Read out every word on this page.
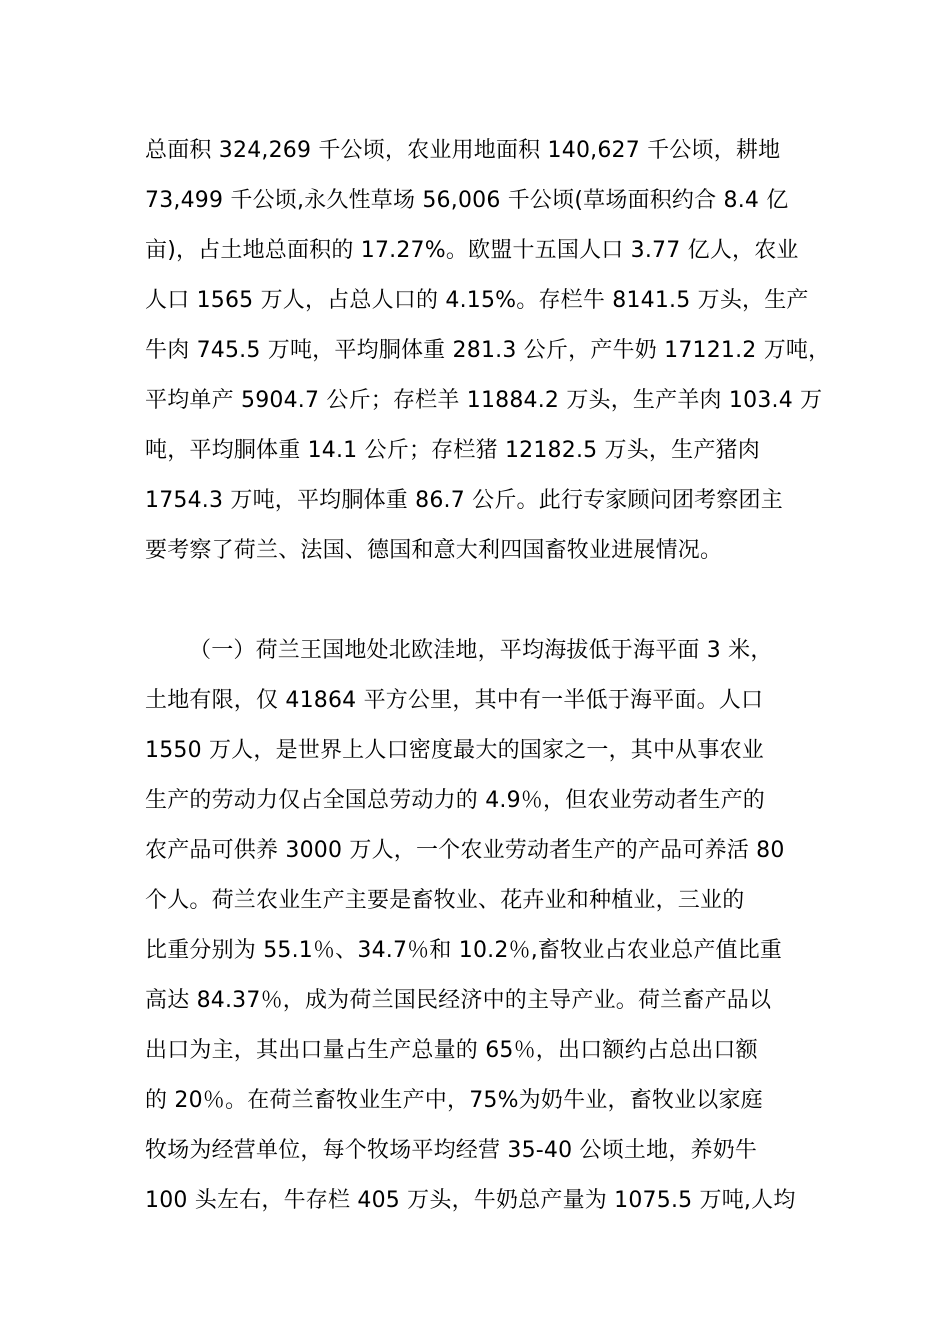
总面积 324,269 千公顷，农业用地面积 140,627 千公顷，耕地
73,499 千公顷,永久性草场 56,006 千公顷(草场面积约合 8.4 亿
亩)，占土地总面积的 17.27%。欧盟十五国人口 3.77 亿人，农业
人口 1565 万人，占总人口的 4.15%。存栏牛 8141.5 万头，生产
牛肉 745.5 万吨，平均胴体重 281.3 公斤，产牛奶 17121.2 万吨，
平均单产 5904.7 公斤；存栏羊 11884.2 万头，生产羊肉 103.4 万
吨，平均胴体重 14.1 公斤；存栏猪 12182.5 万头，生产猪肉
1754.3 万吨，平均胴体重 86.7 公斤。此行专家顾问团考察团主
要考察了荷兰、法国、德国和意大利四国畜牧业进展情况。
（一）荷兰王国地处北欧洼地，平均海拔低于海平面 3 米，
土地有限，仅 41864 平方公里，其中有一半低于海平面。人口
1550 万人，是世界上人口密度最大的国家之一，其中从事农业
生产的劳动力仅占全国总劳动力的 4.9％，但农业劳动者生产的
农产品可供养 3000 万人，一个农业劳动者生产的产品可养活 80
个人。荷兰农业生产主要是畜牧业、花卉业和种植业，三业的
比重分别为 55.1％、34.7％和 10.2％,畜牧业占农业总产值比重
高达 84.37％，成为荷兰国民经济中的主导产业。荷兰畜产品以
出口为主，其出口量占生产总量的 65％，出口额约占总出口额
的 20％。在荷兰畜牧业生产中，75%为奶牛业，畜牧业以家庭
牧场为经营单位，每个牧场平均经营 35-40 公顷土地，养奶牛
100 头左右，牛存栏 405 万头，牛奶总产量为 1075.5 万吨,人均
